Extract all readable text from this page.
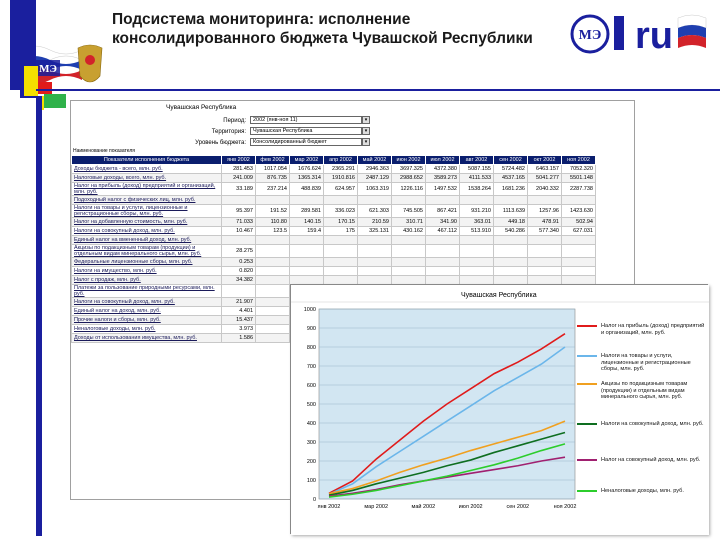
Подсистема мониторинга: исполнение
консолидированного бюджета Чувашской Республики
МЭ
МЭ ru
Чувашская Республика
Период: 2002 (янв-ноя 11)	▾
Территория: Чувашская Республика	▾
Уровень бюджета: Консолидированный бюджет	▾
Наименование показателя
Показатели исполнения бюджета	янв 2002	фев 2002	мар 2002	апр 2002	май 2002	июн 2002	июл 2002	авг 2002	сен 2002	окт 2002	ноя 2002
Доходы бюджета - всего, млн. руб.	281.453	1017.054	1676.624	2365.291	2946.363	3697.325	4372.380	5087.155	5724.482	6463.157	7052.320
Налоговые доходы, всего, млн. руб.	241.009	876.735	1365.314	1910.816	2487.129	2988.652	3589.273	4111.533	4537.165	5041.277	5501.148
Налог на прибыль (доход) предприятий и организаций, млн. руб.	33.189	237.214	488.839	624.957	1063.319	1226.116	1497.532	1538.264	1681.236	2040.332	2287.738
Подоходный налог с физических лиц, млн. руб.											
Налоги на товары и услуги, лицензионные и регистрационные сборы, млн. руб.	95.397	191.52	289.581	336.023	621.303	745.505	867.421	931.210	1113.639	1257.96	1423.630
Налог на добавленную стоимость, млн. руб.	71.033	110.80	140.15	170.15	210.59	310.71	341.90	363.01	449.18	478.91	502.94
Налоги на совокупный доход, млн. руб.	10.467	123.5	159.4	175	325.131	430.162	467.112	513.910	540.286	577.340	627.031
Единый налог на вмененный доход, млн. руб.											
Акцизы по подакцизным товарам (продукции) и отдельным видам минерального сырья, млн. руб.	28.275										
Федеральные лицензионные сборы, млн. руб.	0.253										
Налоги на имущество, млн. руб.	0.820										
Налог с продаж, млн. руб.	34.382										
Платежи за пользование природными ресурсами, млн. руб.											
Налоги на совокупный доход, млн. руб.	21.907										
Единый налог на доход, млн. руб.	4.401										
Прочие налоги и сборы, млн. руб.	15.437										
Неналоговые доходы, млн. руб.	3.973										
Доходы от использования имущества, млн. руб.	1.586										
Чувашская Республика
0
100
200
300
400
500
600
700
800
900
1000
янв 2002	мар 2002	май 2002	июл 2002	сен 2002	ноя 2002
Налог на прибыль (доход) предприятий и организаций, млн. руб.
Налоги на товары и услуги, лицензионные и регистрационные сборы, млн. руб.
Акцизы по подакцизным товарам (продукции) и отдельным видам минерального сырья, млн. руб.
Налоги на совокупный доход, млн. руб.
Налог на совокупный доход, млн. руб.
Неналоговые доходы, млн. руб.
